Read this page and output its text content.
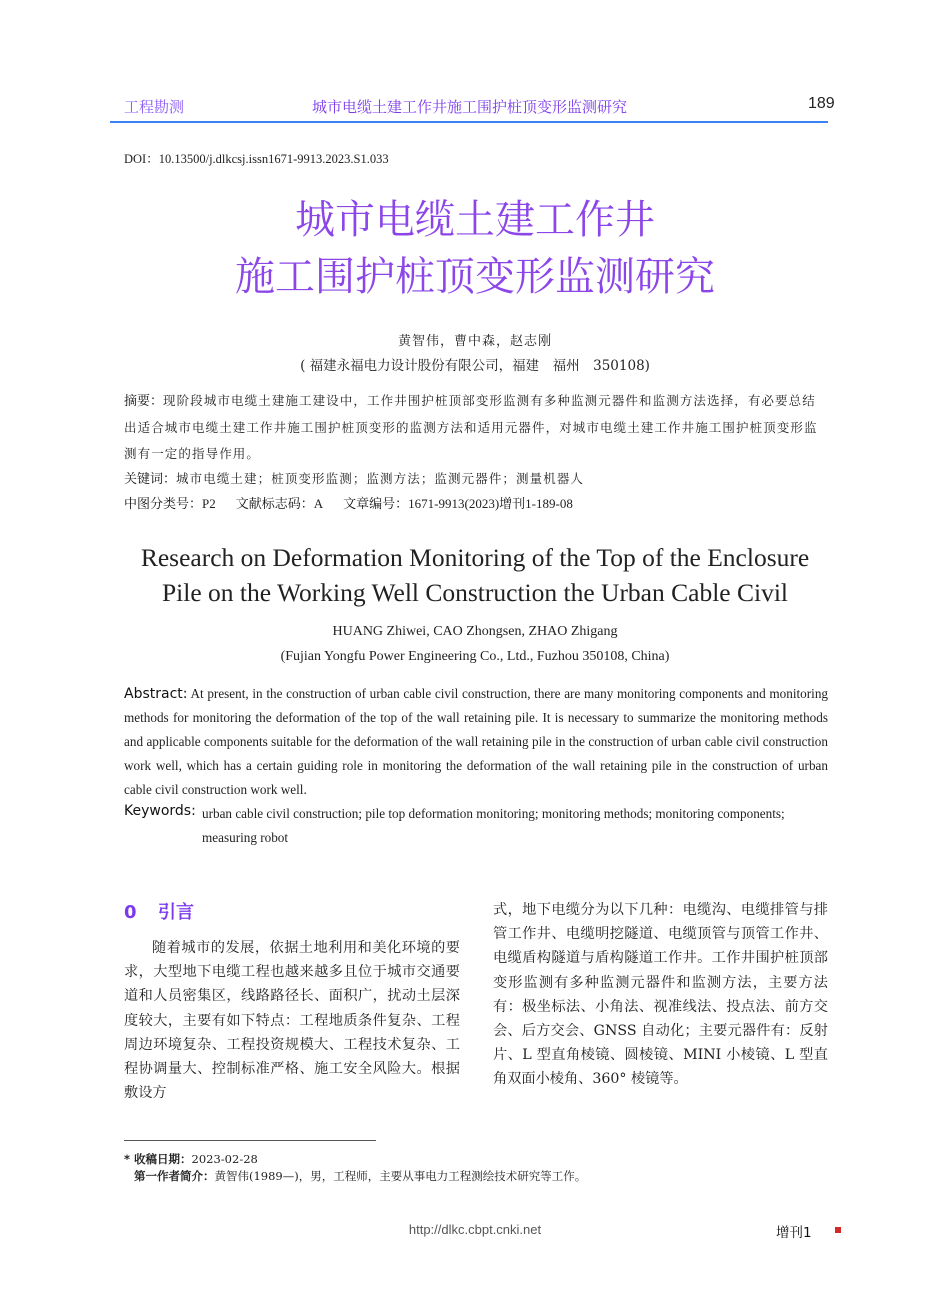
工程勘测	城市电缆土建工作井施工围护桩顶变形监测研究	189
DOI：10.13500/j.dlkcsj.issn1671-9913.2023.S1.033
城市电缆土建工作井
施工围护桩顶变形监测研究
黄智伟，曹中森，赵志刚
( 福建永福电力设计股份有限公司，福建　福州　350108)
摘要：现阶段城市电缆土建施工建设中，工作井围护桩顶部变形监测有多种监测元器件和监测方法选择，有必要总结出适合城市电缆土建工作井施工围护桩顶变形的监测方法和适用元器件，对城市电缆土建工作井施工围护桩顶变形监测有一定的指导作用。
关键词：城市电缆土建；桩顶变形监测；监测方法；监测元器件；测量机器人
中图分类号：P2 文献标志码：A 文章编号：1671-9913(2023)增刊1-189-08
Research on Deformation Monitoring of the Top of the Enclosure
Pile on the Working Well Construction the Urban Cable Civil
HUANG Zhiwei, CAO Zhongsen, ZHAO Zhigang
(Fujian Yongfu Power Engineering Co., Ltd., Fuzhou 350108, China)
Abstract: At present, in the construction of urban cable civil construction, there are many monitoring components and monitoring methods for monitoring the deformation of the top of the wall retaining pile. It is necessary to summarize the monitoring methods and applicable components suitable for the deformation of the wall retaining pile in the construction of urban cable civil construction work well, which has a certain guiding role in monitoring the deformation of the wall retaining pile in the construction of urban cable civil construction work well.
Keywords: urban cable civil construction; pile top deformation monitoring; monitoring methods; monitoring components; measuring robot
0 引言
随着城市的发展，依据土地利用和美化环境的要求，大型地下电缆工程也越来越多且位于城市交通要道和人员密集区，线路路径长、面积广，扰动土层深度较大，主要有如下特点：工程地质条件复杂、工程周边环境复杂、工程投资规模大、工程技术复杂、工程协调量大、控制标准严格、施工安全风险大。根据敷设方
式，地下电缆分为以下几种：电缆沟、电缆排管与排管工作井、电缆明挖隧道、电缆顶管与顶管工作井、电缆盾构隧道与盾构隧道工作井。工作井围护桩顶部变形监测有多种监测元器件和监测方法，主要方法有：极坐标法、小角法、视准线法、投点法、前方交会、后方交会、GNSS 自动化；主要元器件有：反射片、L 型直角棱镜、圆棱镜、MINI 小棱镜、L 型直角双面小棱角、360° 棱镜等。
* 收稿日期：2023-02-28
第一作者简介：黄智伟(1989—)，男，工程师，主要从事电力工程测绘技术研究等工作。
http://dlkc.cbpt.cnki.net	增刊1
